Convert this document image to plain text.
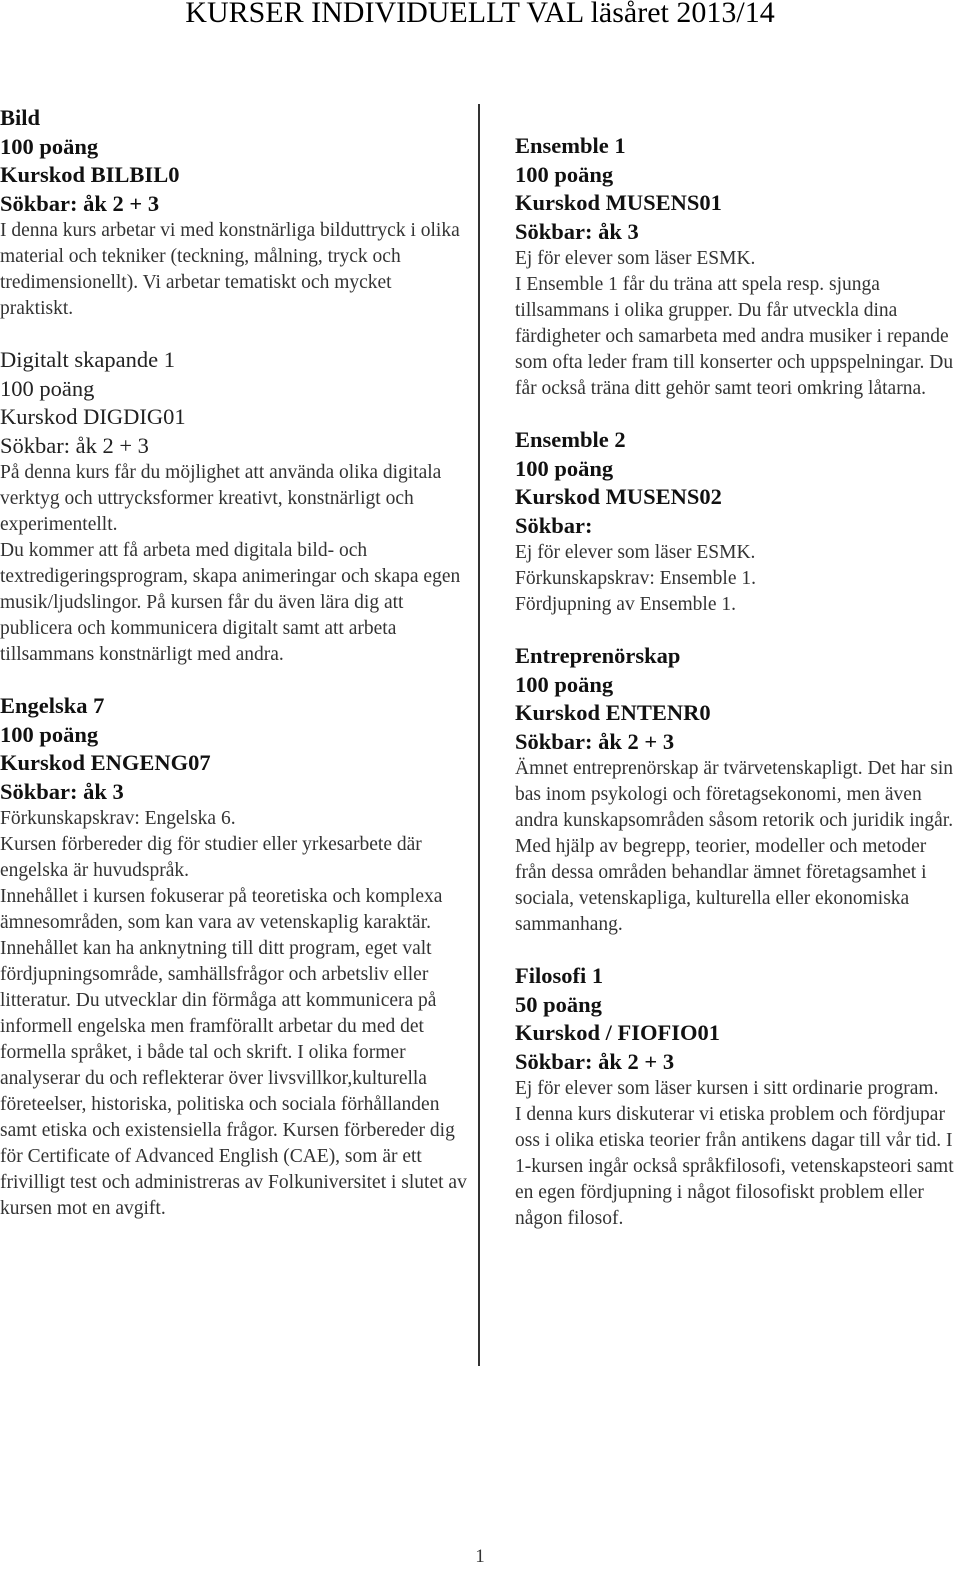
KURSER INDIVIDUELLT VAL läsåret 2013/14
Bild
100 poäng
Kurskod BILBIL0
Sökbar: åk 2 + 3

I denna kurs arbetar vi med konstnärliga bilduttryck i olika material och tekniker (teckning, målning, tryck och tredimensionellt). Vi arbetar tematiskt och mycket praktiskt.

Digitalt skapande 1
100 poäng
Kurskod DIGDIG01
Sökbar: åk 2 + 3

På denna kurs får du möjlighet att använda olika digitala verktyg och uttrycksformer kreativt, konstnärligt och experimentellt.

Du kommer att få arbeta med digitala bild- och textredigeringsprogram, skapa animeringar och skapa egen musik/ljudslingor. På kursen får du även lära dig att publicera och kommunicera digitalt samt att arbeta tillsammans konstnärligt med andra.

Engelska 7
100 poäng
Kurskod ENGENG07
Sökbar: åk 3

Förkunskapskrav: Engelska 6.

Kursen förbereder dig för studier eller yrkesarbete där engelska är huvudspråk.

Innehållet i kursen fokuserar på teoretiska och komplexa ämnesområden, som kan vara av vetenskaplig karaktär. Innehållet kan ha anknytning till ditt program, eget valt fördjupningsområde, samhällsfrågor och arbetsliv eller litteratur. Du utvecklar din förmåga att kommunicera på informell engelska men framförallt arbetar du med det formella språket, i både tal och skrift. I olika former analyserar du och reflekterar över livsvillkor,kulturella företeelser, historiska, politiska och sociala förhållanden samt etiska och existensiella frågor. Kursen förbereder dig för Certificate of Advanced English (CAE), som är ett frivilligt test och administreras av Folkuniversitet i slutet av kursen mot en avgift.

Ensemble 1
100 poäng
Kurskod MUSENS01
Sökbar: åk 3

Ej för elever som läser ESMK.

I Ensemble 1 får du träna att spela resp. sjunga tillsammans i olika grupper. Du får utveckla dina färdigheter och samarbeta med andra musiker i repande som ofta leder fram till konserter och uppspelningar. Du får också träna ditt gehör samt teori omkring låtarna.

Ensemble 2
100 poäng
Kurskod MUSENS02
Sökbar:

Ej för elever som läser ESMK.

Förkunskapskrav: Ensemble 1.

Fördjupning av Ensemble 1.

Entreprenörskap
100 poäng
Kurskod ENTENR0
Sökbar: åk 2 + 3

Ämnet entreprenörskap är tvärvetenskapligt. Det har sin bas inom psykologi och företagsekonomi, men även andra kunskapsområden såsom retorik och juridik ingår. Med hjälp av begrepp, teorier, modeller och metoder från dessa områden behandlar ämnet företagsamhet i sociala, vetenskapliga, kulturella eller ekonomiska sammanhang.

Filosofi 1
50 poäng
Kurskod / FIOFIO01
Sökbar: åk 2 + 3

Ej för elever som läser kursen i sitt ordinarie program.

I denna kurs diskuterar vi etiska problem och fördjupar oss i olika etiska teorier från antikens dagar till vår tid. I 1-kursen ingår också språkfilosofi, vetenskapsteori samt en egen fördjupning i något filosofiskt problem eller någon filosof.

1
